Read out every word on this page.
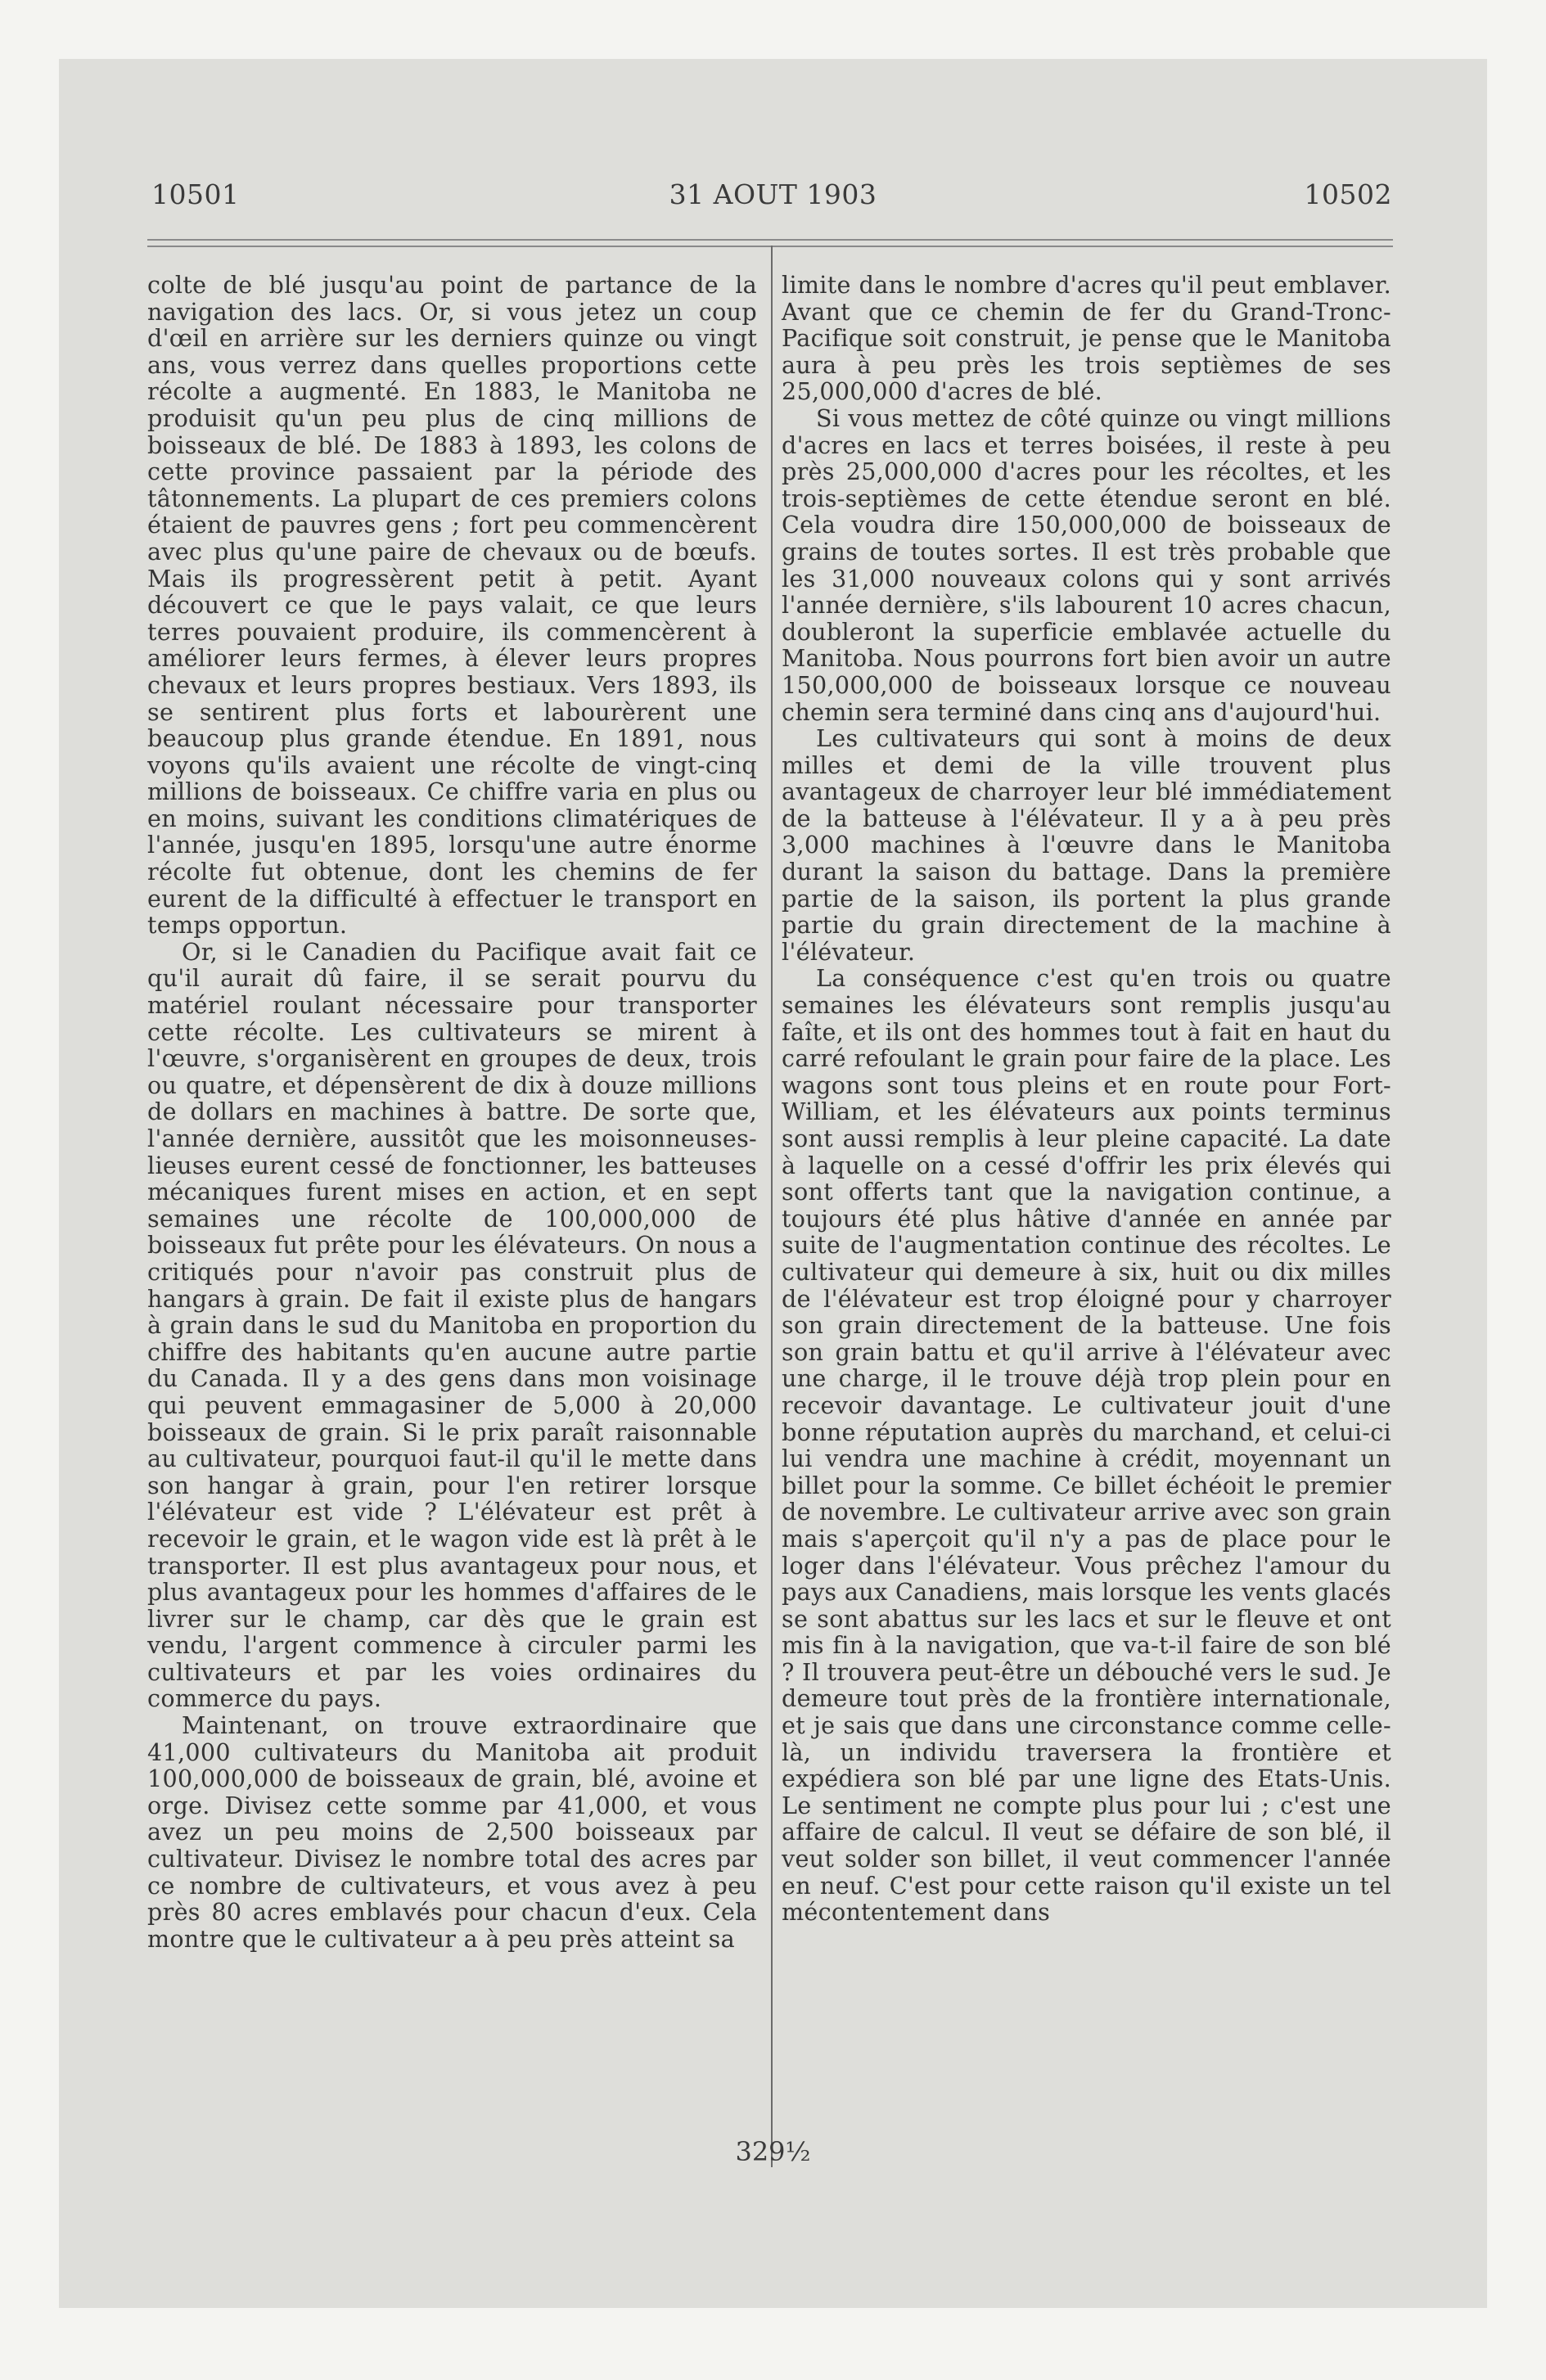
10501	31 AOUT 1903	10502

colte de blé jusqu'au point de partance de la navigation des lacs. Or, si vous jetez un coup d'œil en arrière sur les derniers quinze ou vingt ans, vous verrez dans quelles proportions cette récolte a augmenté. En 1883, le Manitoba ne produisit qu'un peu plus de cinq millions de boisseaux de blé. De 1883 à 1893, les colons de cette province passaient par la période des tâtonnements. La plupart de ces premiers colons étaient de pauvres gens ; fort peu commencèrent avec plus qu'une paire de chevaux ou de bœufs. Mais ils progressèrent petit à petit. Ayant découvert ce que le pays valait, ce que leurs terres pouvaient produire, ils commencèrent à améliorer leurs fermes, à élever leurs propres chevaux et leurs propres bestiaux. Vers 1893, ils se sentirent plus forts et labourèrent une beaucoup plus grande étendue. En 1891, nous voyons qu'ils avaient une récolte de vingt-cinq millions de boisseaux. Ce chiffre varia en plus ou en moins, suivant les conditions climatériques de l'année, jusqu'en 1895, lorsqu'une autre énorme récolte fut obtenue, dont les chemins de fer eurent de la difficulté à effectuer le transport en temps opportun.

Or, si le Canadien du Pacifique avait fait ce qu'il aurait dû faire, il se serait pourvu du matériel roulant nécessaire pour transporter cette récolte. Les cultivateurs se mirent à l'œuvre, s'organisèrent en groupes de deux, trois ou quatre, et dépensèrent de dix à douze millions de dollars en machines à battre. De sorte que, l'année dernière, aussitôt que les moisonneuses-lieuses eurent cessé de fonctionner, les batteuses mécaniques furent mises en action, et en sept semaines une récolte de 100,000,000 de boisseaux fut prête pour les élévateurs. On nous a critiqués pour n'avoir pas construit plus de hangars à grain. De fait il existe plus de hangars à grain dans le sud du Manitoba en proportion du chiffre des habitants qu'en aucune autre partie du Canada. Il y a des gens dans mon voisinage qui peuvent emmagasiner de 5,000 à 20,000 boisseaux de grain. Si le prix paraît raisonnable au cultivateur, pourquoi faut-il qu'il le mette dans son hangar à grain, pour l'en retirer lorsque l'élévateur est vide ? L'élévateur est prêt à recevoir le grain, et le wagon vide est là prêt à le transporter. Il est plus avantageux pour nous, et plus avantageux pour les hommes d'affaires de le livrer sur le champ, car dès que le grain est vendu, l'argent commence à circuler parmi les cultivateurs et par les voies ordinaires du commerce du pays.

Maintenant, on trouve extraordinaire que 41,000 cultivateurs du Manitoba ait produit 100,000,000 de boisseaux de grain, blé, avoine et orge. Divisez cette somme par 41,000, et vous avez un peu moins de 2,500 boisseaux par cultivateur. Divisez le nombre total des acres par ce nombre de cultivateurs, et vous avez à peu près 80 acres emblavés pour chacun d'eux. Cela montre que le cultivateur a à peu près atteint sa

limite dans le nombre d'acres qu'il peut emblaver. Avant que ce chemin de fer du Grand-Tronc-Pacifique soit construit, je pense que le Manitoba aura à peu près les trois septièmes de ses 25,000,000 d'acres de blé.

Si vous mettez de côté quinze ou vingt millions d'acres en lacs et terres boisées, il reste à peu près 25,000,000 d'acres pour les récoltes, et les trois-septièmes de cette étendue seront en blé. Cela voudra dire 150,000,000 de boisseaux de grains de toutes sortes. Il est très probable que les 31,000 nouveaux colons qui y sont arrivés l'année dernière, s'ils labourent 10 acres chacun, doubleront la superficie emblavée actuelle du Manitoba. Nous pourrons fort bien avoir un autre 150,000,000 de boisseaux lorsque ce nouveau chemin sera terminé dans cinq ans d'aujourd'hui.

Les cultivateurs qui sont à moins de deux milles et demi de la ville trouvent plus avantageux de charroyer leur blé immédiatement de la batteuse à l'élévateur. Il y a à peu près 3,000 machines à l'œuvre dans le Manitoba durant la saison du battage. Dans la première partie de la saison, ils portent la plus grande partie du grain directement de la machine à l'élévateur.

La conséquence c'est qu'en trois ou quatre semaines les élévateurs sont remplis jusqu'au faîte, et ils ont des hommes tout à fait en haut du carré refoulant le grain pour faire de la place. Les wagons sont tous pleins et en route pour Fort-William, et les élévateurs aux points terminus sont aussi remplis à leur pleine capacité. La date à laquelle on a cessé d'offrir les prix élevés qui sont offerts tant que la navigation continue, a toujours été plus hâtive d'année en année par suite de l'augmentation continue des récoltes. Le cultivateur qui demeure à six, huit ou dix milles de l'élévateur est trop éloigné pour y charroyer son grain directement de la batteuse. Une fois son grain battu et qu'il arrive à l'élévateur avec une charge, il le trouve déjà trop plein pour en recevoir davantage. Le cultivateur jouit d'une bonne réputation auprès du marchand, et celui-ci lui vendra une machine à crédit, moyennant un billet pour la somme. Ce billet échéoit le premier de novembre. Le cultivateur arrive avec son grain mais s'aperçoit qu'il n'y a pas de place pour le loger dans l'élévateur. Vous prêchez l'amour du pays aux Canadiens, mais lorsque les vents glacés se sont abattus sur les lacs et sur le fleuve et ont mis fin à la navigation, que va-t-il faire de son blé ? Il trouvera peut-être un débouché vers le sud. Je demeure tout près de la frontière internationale, et je sais que dans une circonstance comme celle-là, un individu traversera la frontière et expédiera son blé par une ligne des Etats-Unis. Le sentiment ne compte plus pour lui ; c'est une affaire de calcul. Il veut se défaire de son blé, il veut solder son billet, il veut commencer l'année en neuf. C'est pour cette raison qu'il existe un tel mécontentement dans

329½
